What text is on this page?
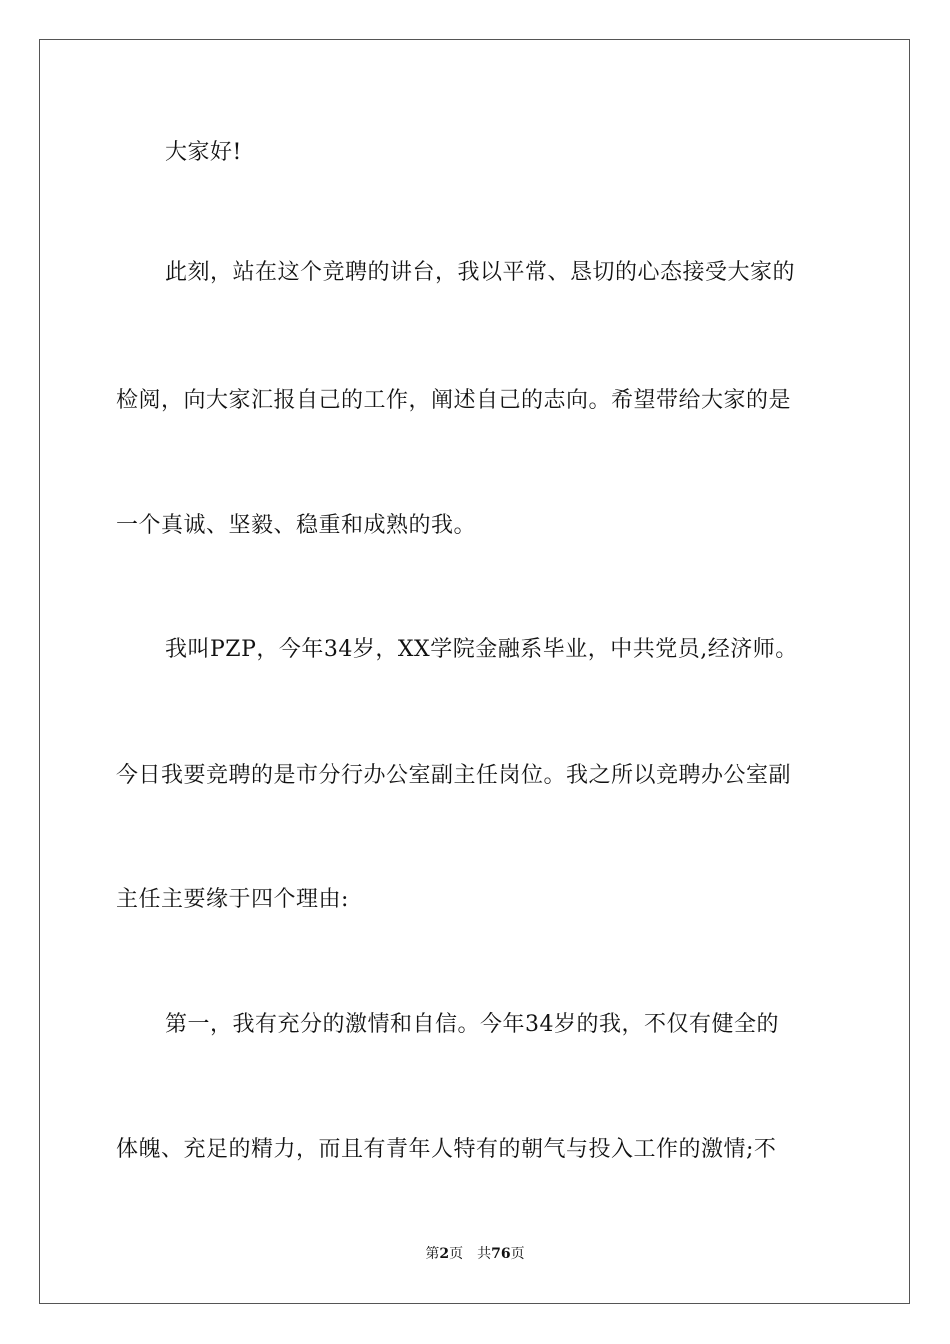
大家好!
此刻，站在这个竞聘的讲台，我以平常、恳切的心态接受大家的
检阅，向大家汇报自己的工作，阐述自己的志向。希望带给大家的是
一个真诚、坚毅、稳重和成熟的我。
我叫PZP，今年34岁，XX学院金融系毕业，中共党员,经济师。
今日我要竞聘的是市分行办公室副主任岗位。我之所以竞聘办公室副
主任主要缘于四个理由:
第一，我有充分的激情和自信。今年34岁的我，不仅有健全的
体魄、充足的精力，而且有青年人特有的朝气与投入工作的激情;不
第2页 共76页
